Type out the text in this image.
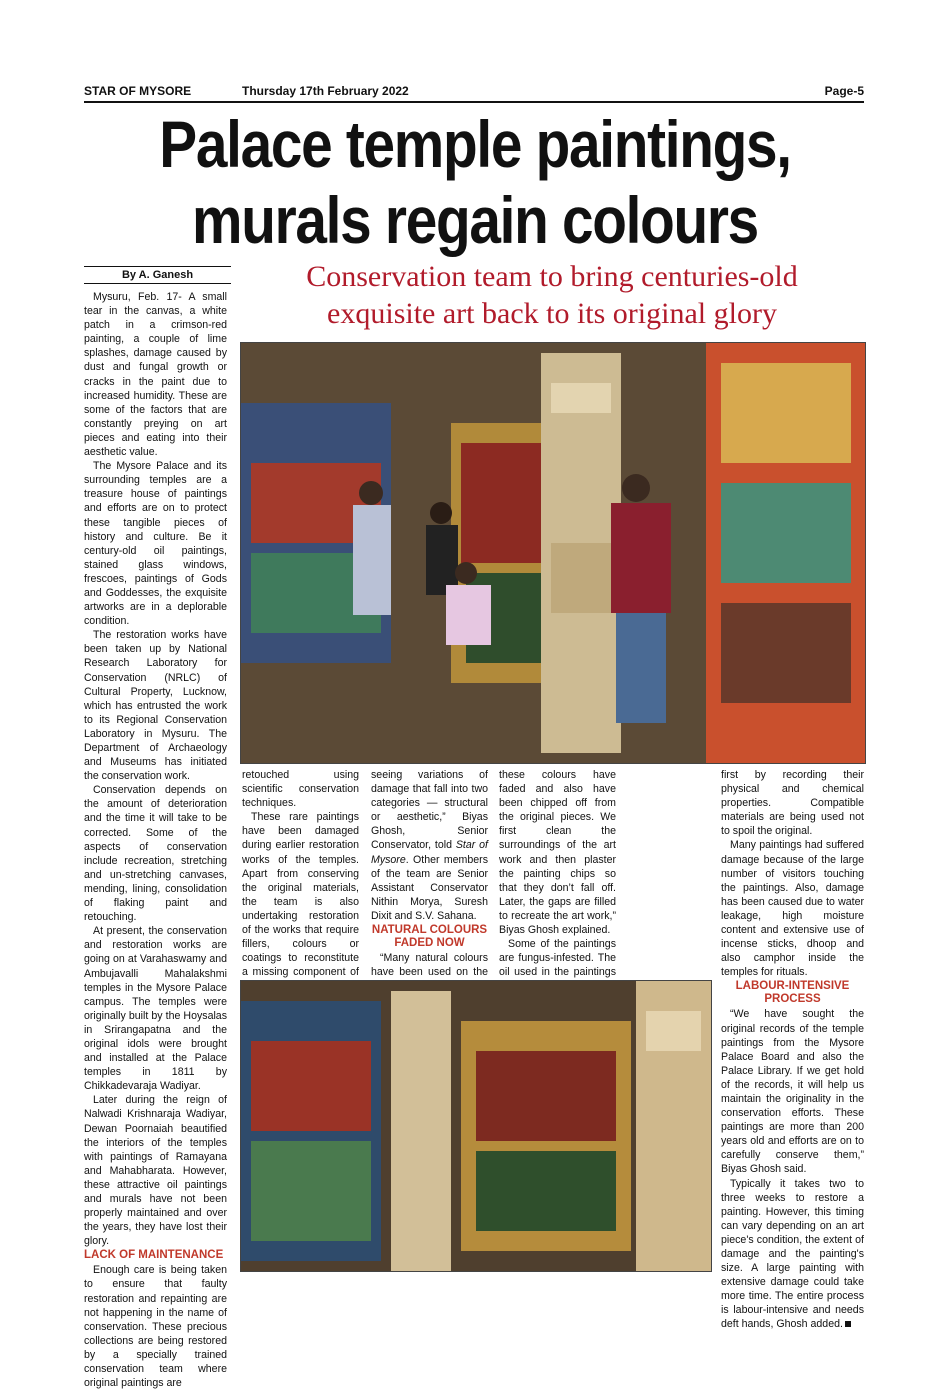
STAR OF MYSORE	Thursday 17th February 2022	Page-5
Palace temple paintings,
murals regain colours
By A. Ganesh	Conservation team to bring centuries-old
exquisite art back to its original glory

Mysuru, Feb. 17- A small tear in the canvas, a white patch in a crimson-red painting, a couple of lime splashes, damage caused by dust and fungal growth or cracks in the paint due to increased humidity. These are some of the factors that are constantly preying on art pieces and eating into their aesthetic value.

The Mysore Palace and its surrounding temples are a treasure house of paintings and efforts are on to protect these tangible pieces of history and culture. Be it century-old oil paintings, stained glass windows, frescoes, paintings of Gods and Goddesses, the exquisite artworks are in a deplorable condition.

The restoration works have been taken up by National Research Laboratory for Conservation (NRLC) of Cultural Property, Lucknow, which has entrusted the work to its Regional Conservation Laboratory in Mysuru. The Department of Archaeology and Museums has initiated the conservation work.

Conservation depends on the amount of deterioration and the time it will take to be corrected. Some of the aspects of conservation include recreation, stretching and un-stretching canvases, mending, lining, consolidation of flaking paint and retouching.

At present, the conservation and restoration works are going on at Varahaswamy and Ambujavalli Mahalakshmi temples in the Mysore Palace campus. The temples were originally built by the Hoysalas in Srirangapatna and the original idols were brought and installed at the Palace temples in 1811 by Chikkadevaraja Wadiyar.

Later during the reign of Nalwadi Krishnaraja Wadiyar, Dewan Poornaiah beautified the interiors of the temples with paintings of Ramayana and Mahabharata. However, these attractive oil paintings and murals have not been properly maintained and over the years, they have lost their glory.

LACK OF MAINTENANCE

Enough care is being taken to ensure that faulty restoration and repainting are not happening in the name of conservation. These precious collections are being restored by a specially trained conservation team where original paintings are

retouched using scientific conservation techniques.

These rare paintings have been damaged during earlier restoration works of the temples. Apart from conserving the original materials, the team is also undertaking restoration of the works that require fillers, colours or coatings to reconstitute a missing component of

seeing variations of damage that fall into two categories — structural or aesthetic,” Biyas Ghosh, Senior Conservator, told Star of Mysore. Other members of the team are Senior Assistant Conservator Nithin Morya, Suresh Dixit and S.V. Sahana.

NATURAL COLOURS FADED NOW

“Many natural colours have been used on the

these colours have faded and also have been chipped off from the original pieces. We first clean the surroundings of the art work and then plaster the painting chips so that they don’t fall off. Later, the gaps are filled to recreate the art work,” Biyas Ghosh explained.

Some of the paintings are fungus-infested. The oil used in the paintings

first by recording their physical and chemical properties. Compatible materials are being used not to spoil the original.

Many paintings had suffered damage because of the large number of visitors touching the paintings. Also, damage has been caused due to water leakage, high moisture content and extensive use of incense sticks, dhoop and also camphor inside the temples for rituals.

LABOUR-INTENSIVE PROCESS

“We have sought the original records of the temple paintings from the Mysore Palace Board and also the Palace Library. If we get hold of the records, it will help us maintain the originality in the conservation efforts. These paintings are more than 200 years old and efforts are on to carefully conserve them,” Biyas Ghosh said.

Typically it takes two to three weeks to restore a painting. However, this timing can vary depending on an art piece's condition, the extent of damage and the painting's size. A large painting with extensive damage could take more time. The entire process is labour-intensive and needs deft hands, Ghosh added.
